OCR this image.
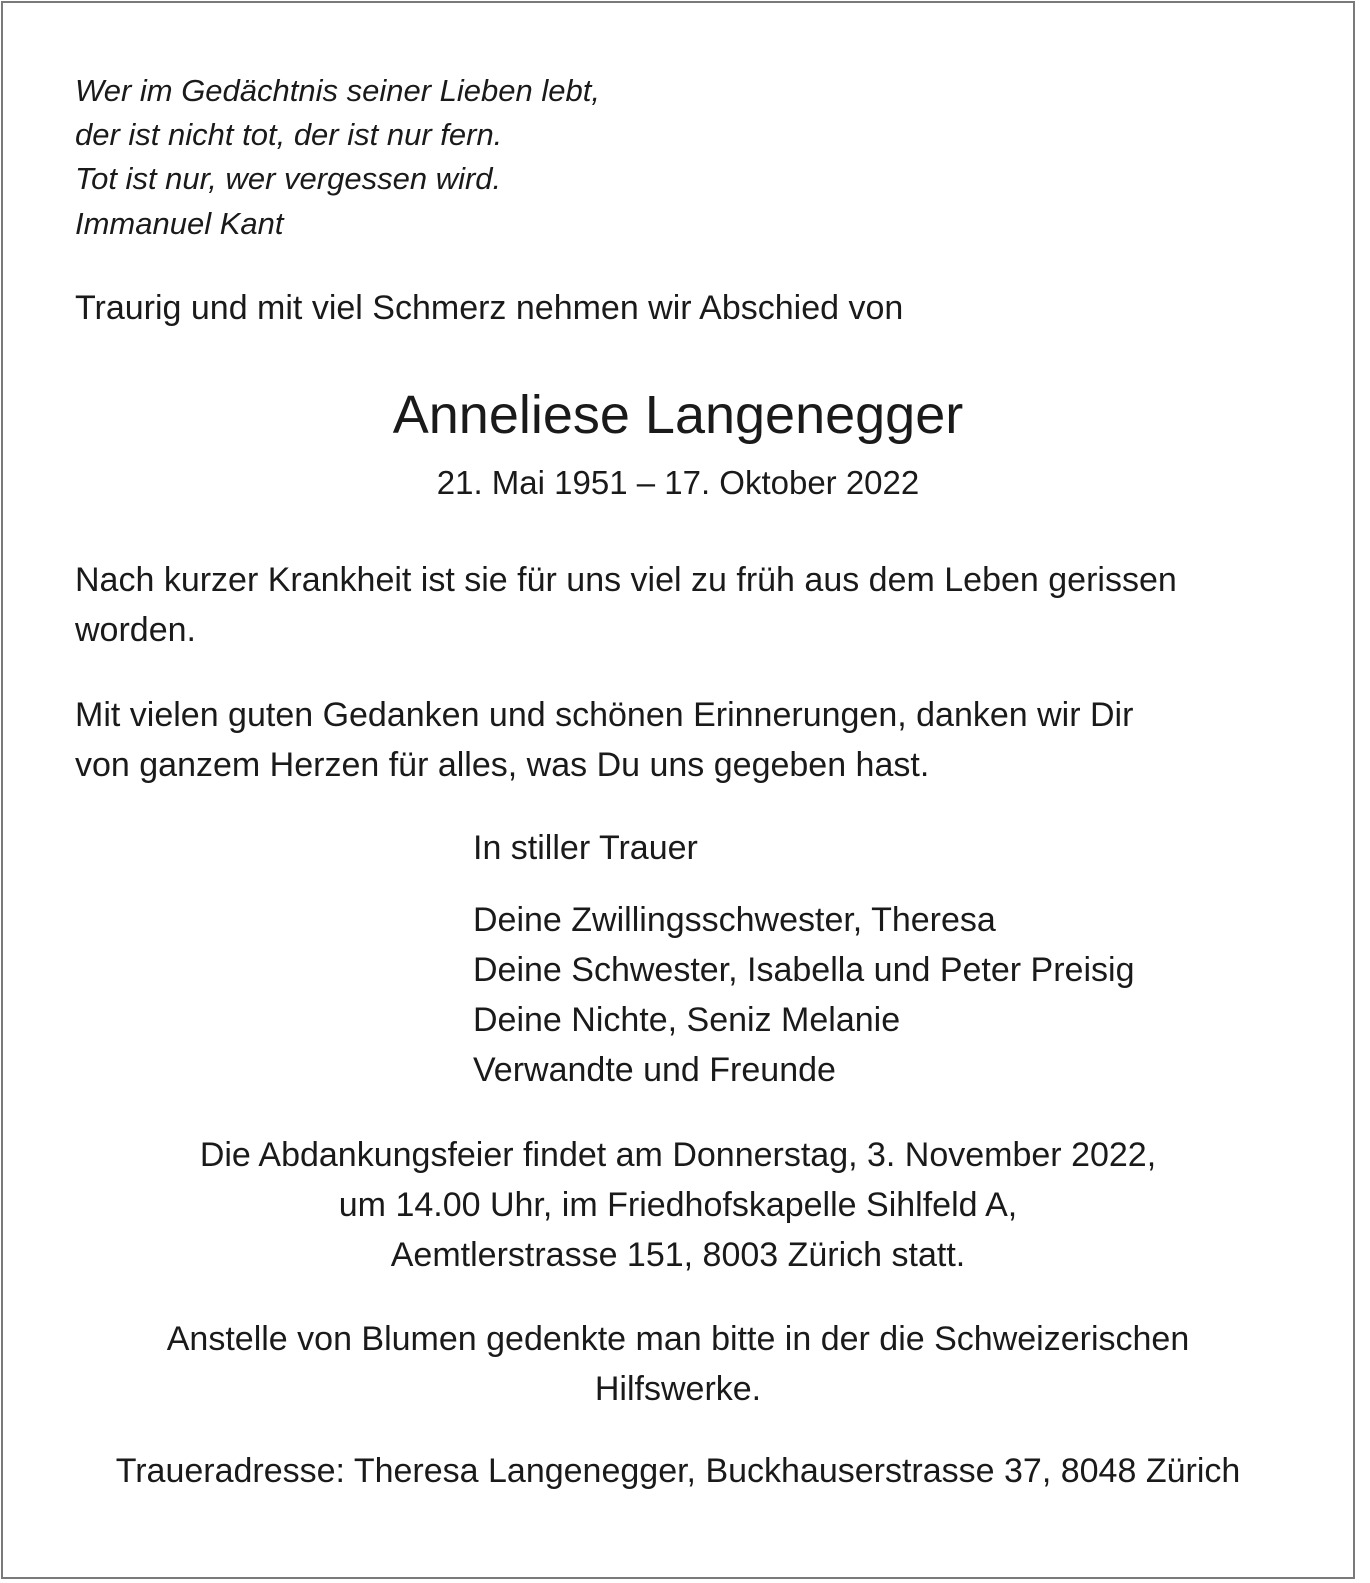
Wer im Gedächtnis seiner Lieben lebt,

der ist nicht tot, der ist nur fern.

Tot ist nur, wer vergessen wird.

Immanuel Kant

Traurig und mit viel Schmerz nehmen wir Abschied von

Anneliese Langenegger

21. Mai 1951 – 17. Oktober 2022

Nach kurzer Krankheit ist sie für uns viel zu früh aus dem Leben gerissen

worden.

Mit vielen guten Gedanken und schönen Erinnerungen, danken wir Dir

von ganzem Herzen für alles, was Du uns gegeben hast.

In stiller Trauer

Deine Zwillingsschwester, Theresa

Deine Schwester, Isabella und Peter Preisig

Deine Nichte, Seniz Melanie

Verwandte und Freunde

Die Abdankungsfeier findet am Donnerstag, 3. November 2022,

um 14.00 Uhr, im Friedhofskapelle Sihlfeld A,

Aemtlerstrasse 151, 8003 Zürich statt.

Anstelle von Blumen gedenkte man bitte in der die Schweizerischen

Hilfswerke.

Traueradresse: Theresa Langenegger, Buckhauserstrasse 37, 8048 Zürich
